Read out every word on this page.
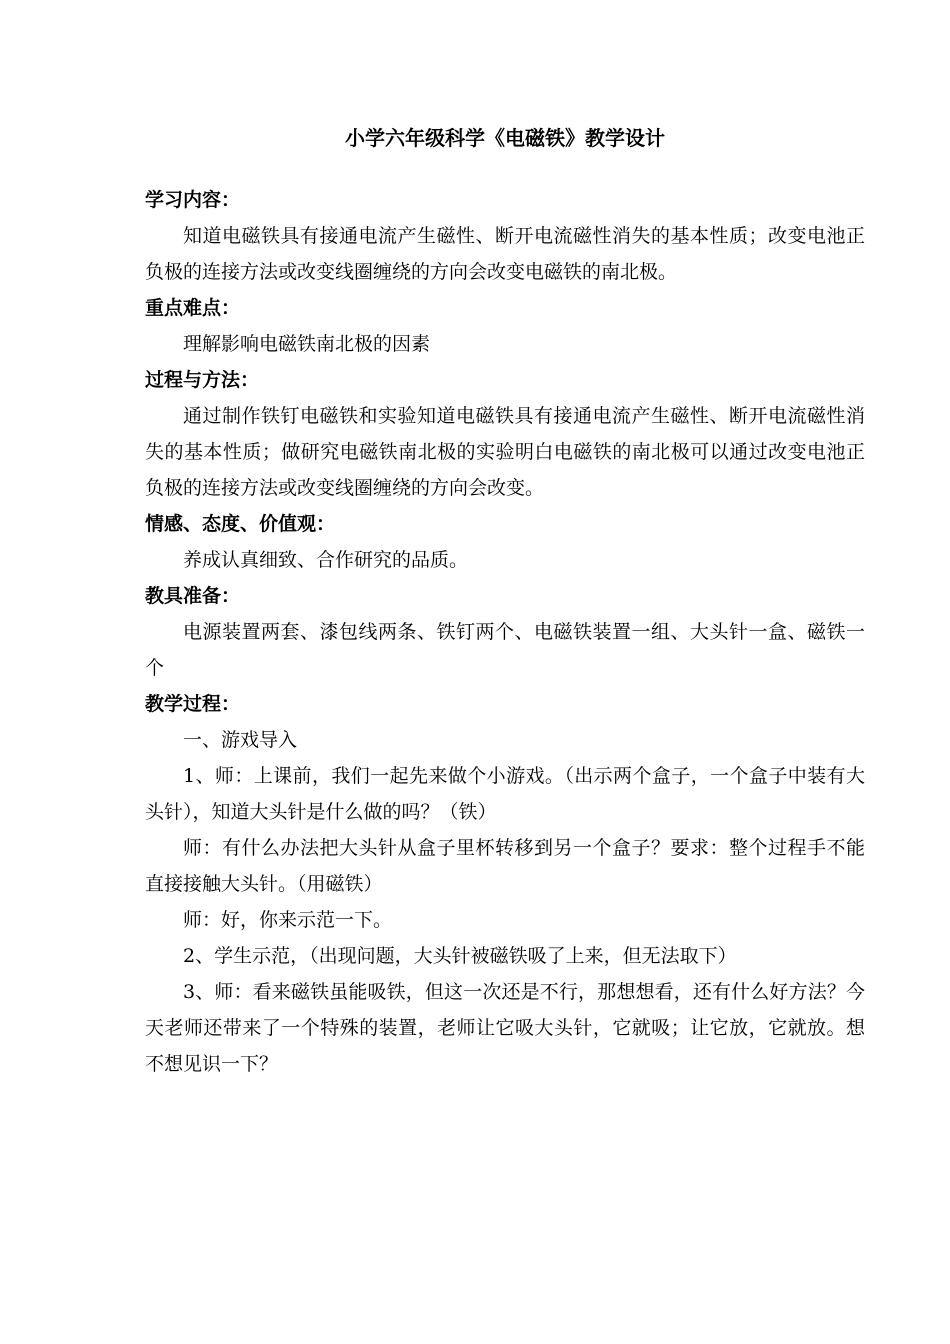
小学六年级科学《电磁铁》教学设计
学习内容：

知道电磁铁具有接通电流产生磁性、断开电流磁性消失的基本性质；改变电池正负极的连接方法或改变线圈缠绕的方向会改变电磁铁的南北极。

重点难点：

理解影响电磁铁南北极的因素

过程与方法：

通过制作铁钉电磁铁和实验知道电磁铁具有接通电流产生磁性、断开电流磁性消失的基本性质；做研究电磁铁南北极的实验明白电磁铁的南北极可以通过改变电池正负极的连接方法或改变线圈缠绕的方向会改变。

情感、态度、价值观：

养成认真细致、合作研究的品质。

教具准备：

电源装置两套、漆包线两条、铁钉两个、电磁铁装置一组、大头针一盒、磁铁一个

教学过程：

一、游戏导入

1、师：上课前，我们一起先来做个小游戏。（出示两个盒子，一个盒子中装有大头针），知道大头针是什么做的吗？（铁）

师：有什么办法把大头针从盒子里杯转移到另一个盒子？要求：整个过程手不能直接接触大头针。（用磁铁）

师：好，你来示范一下。

2、学生示范，（出现问题，大头针被磁铁吸了上来，但无法取下）

3、师：看来磁铁虽能吸铁，但这一次还是不行，那想想看，还有什么好方法？今天老师还带来了一个特殊的装置，老师让它吸大头针，它就吸；让它放，它就放。想不想见识一下？
